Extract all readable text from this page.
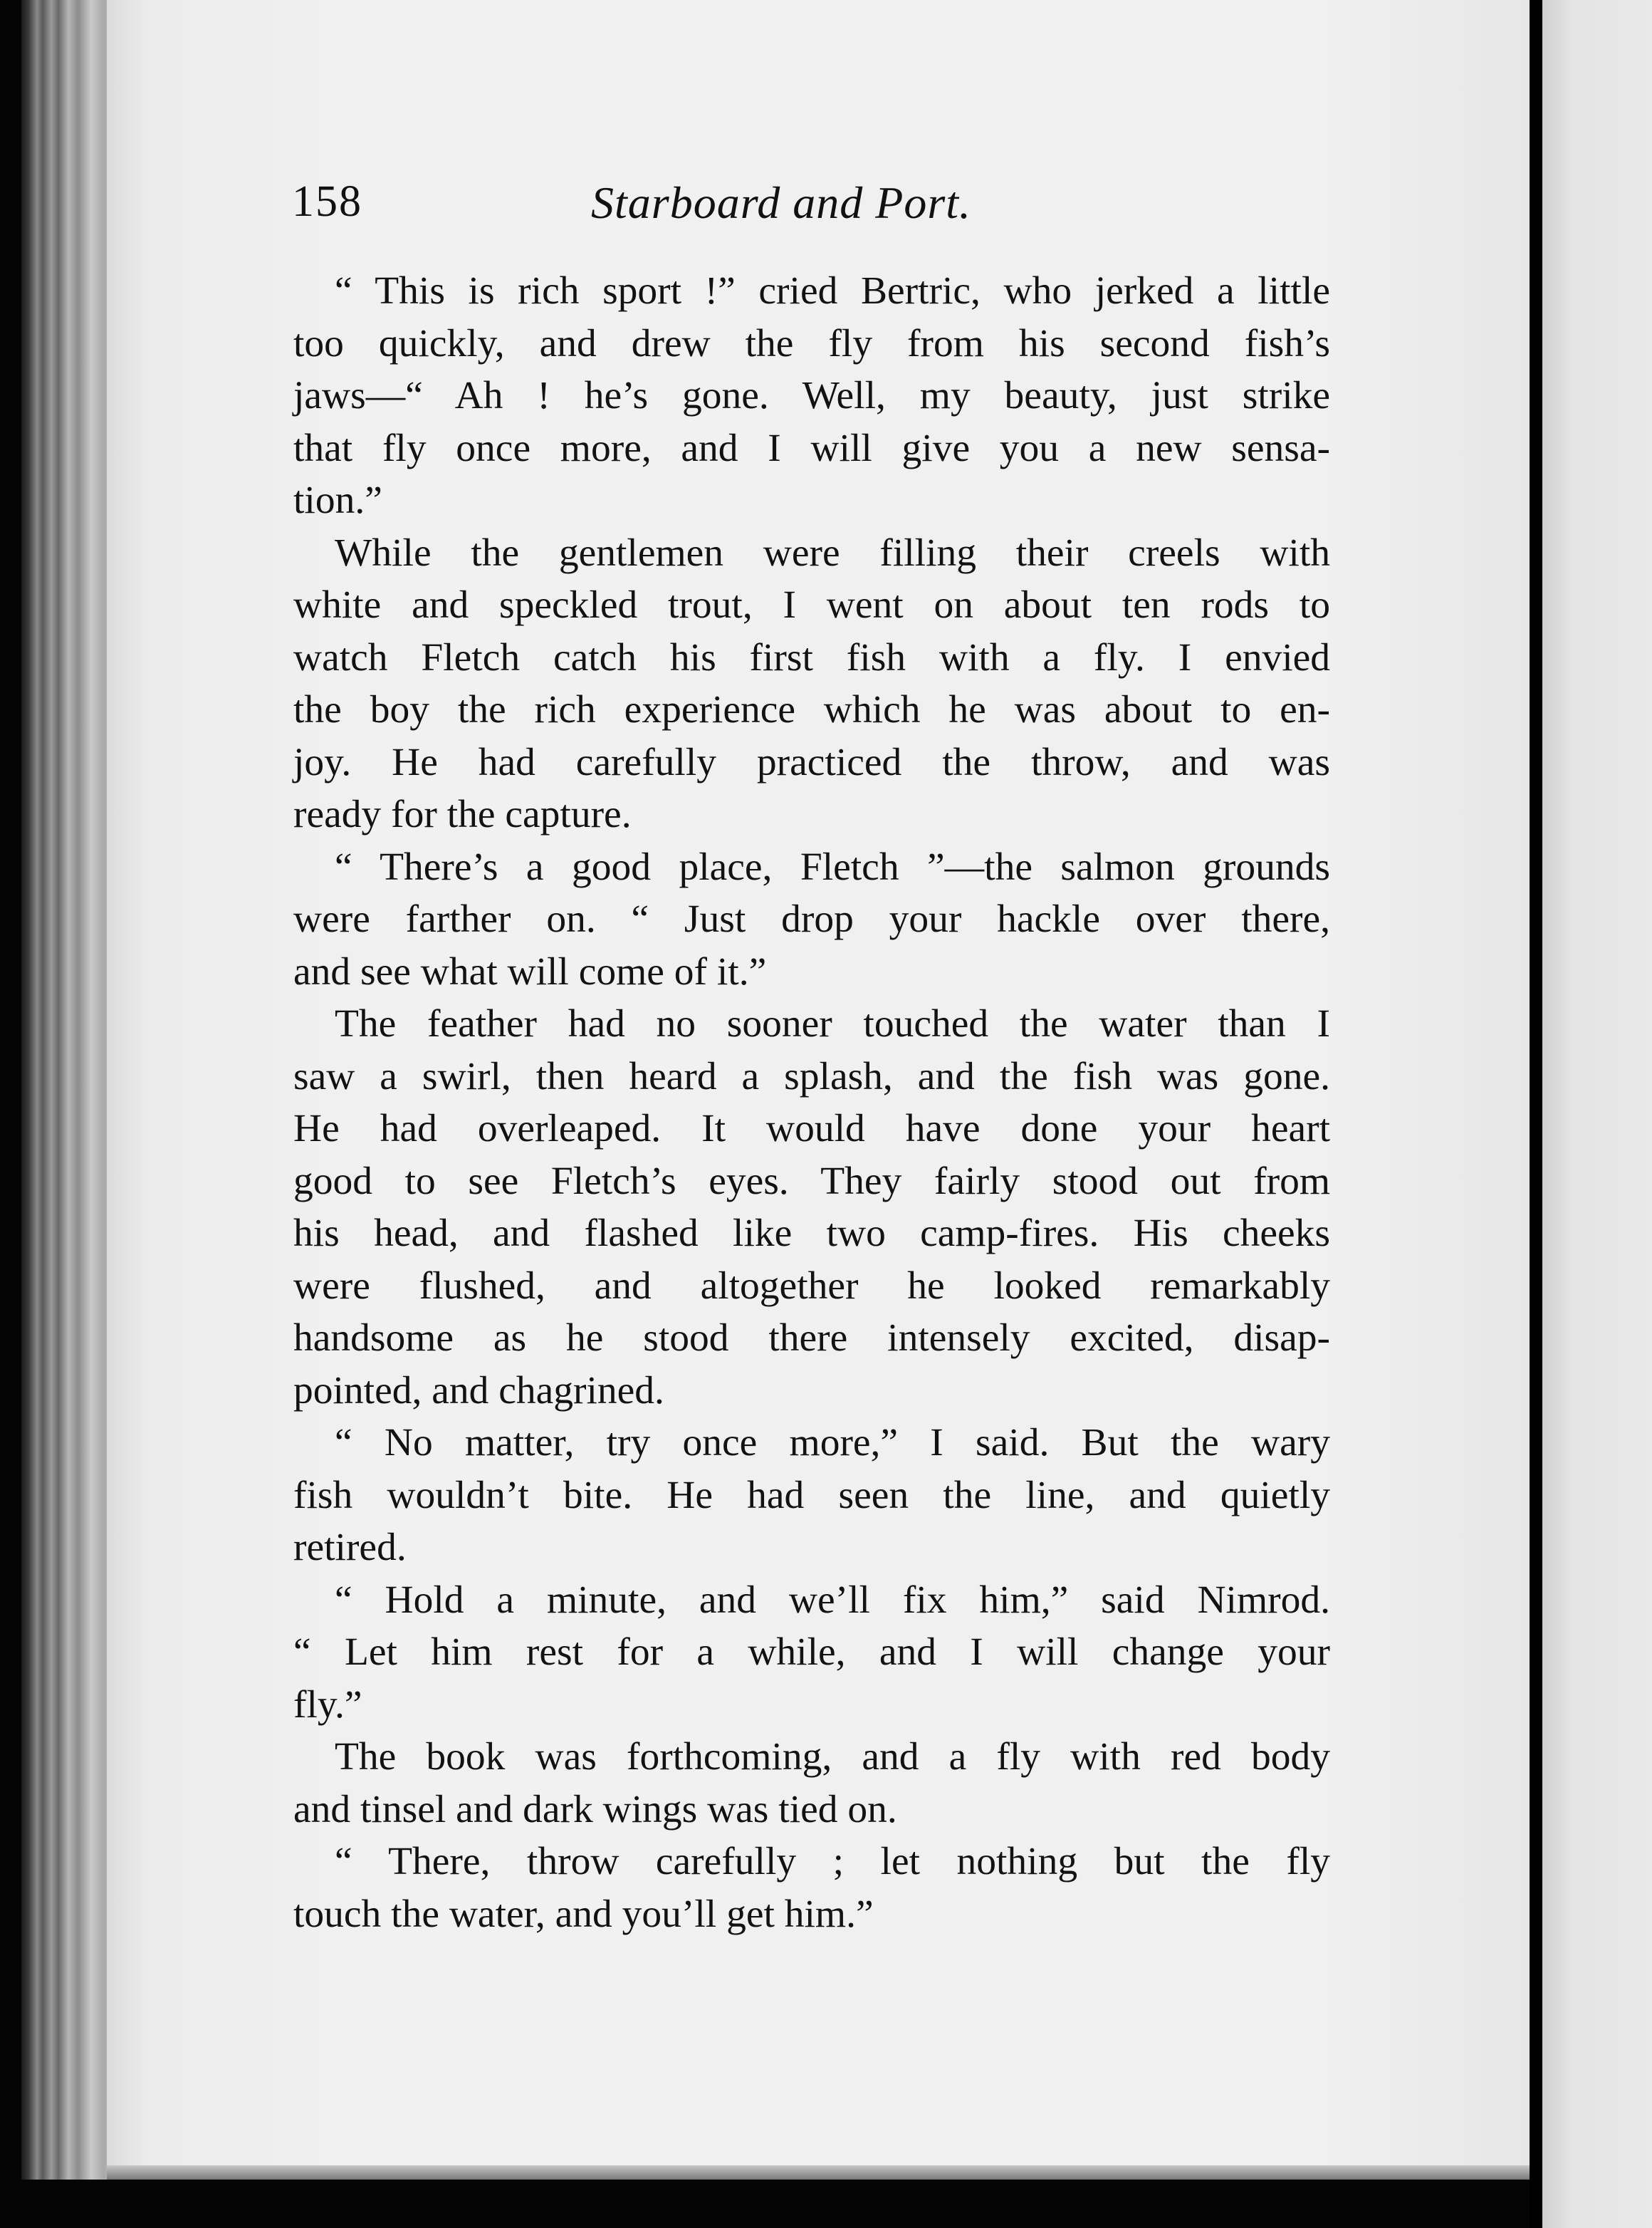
158	Starboard and Port.
“ This is rich sport !” cried Bertric, who jerked a little
too quickly, and drew the fly from his second fish’s
jaws—“ Ah ! he’s gone. Well, my beauty, just strike
that fly once more, and I will give you a new sensa-
tion.”
While the gentlemen were filling their creels with
white and speckled trout, I went on about ten rods to
watch Fletch catch his first fish with a fly. I envied
the boy the rich experience which he was about to en-
joy. He had carefully practiced the throw, and was
ready for the capture.
“ There’s a good place, Fletch ”—the salmon grounds
were farther on. “ Just drop your hackle over there,
and see what will come of it.”
The feather had no sooner touched the water than I
saw a swirl, then heard a splash, and the fish was gone.
He had overleaped. It would have done your heart
good to see Fletch’s eyes. They fairly stood out from
his head, and flashed like two camp-fires. His cheeks
were flushed, and altogether he looked remarkably
handsome as he stood there intensely excited, disap-
pointed, and chagrined.
“ No matter, try once more,” I said. But the wary
fish wouldn’t bite. He had seen the line, and quietly
retired.
“ Hold a minute, and we’ll fix him,” said Nimrod.
“ Let him rest for a while, and I will change your
fly.”
The book was forthcoming, and a fly with red body
and tinsel and dark wings was tied on.
“ There, throw carefully ; let nothing but the fly
touch the water, and you’ll get him.”
